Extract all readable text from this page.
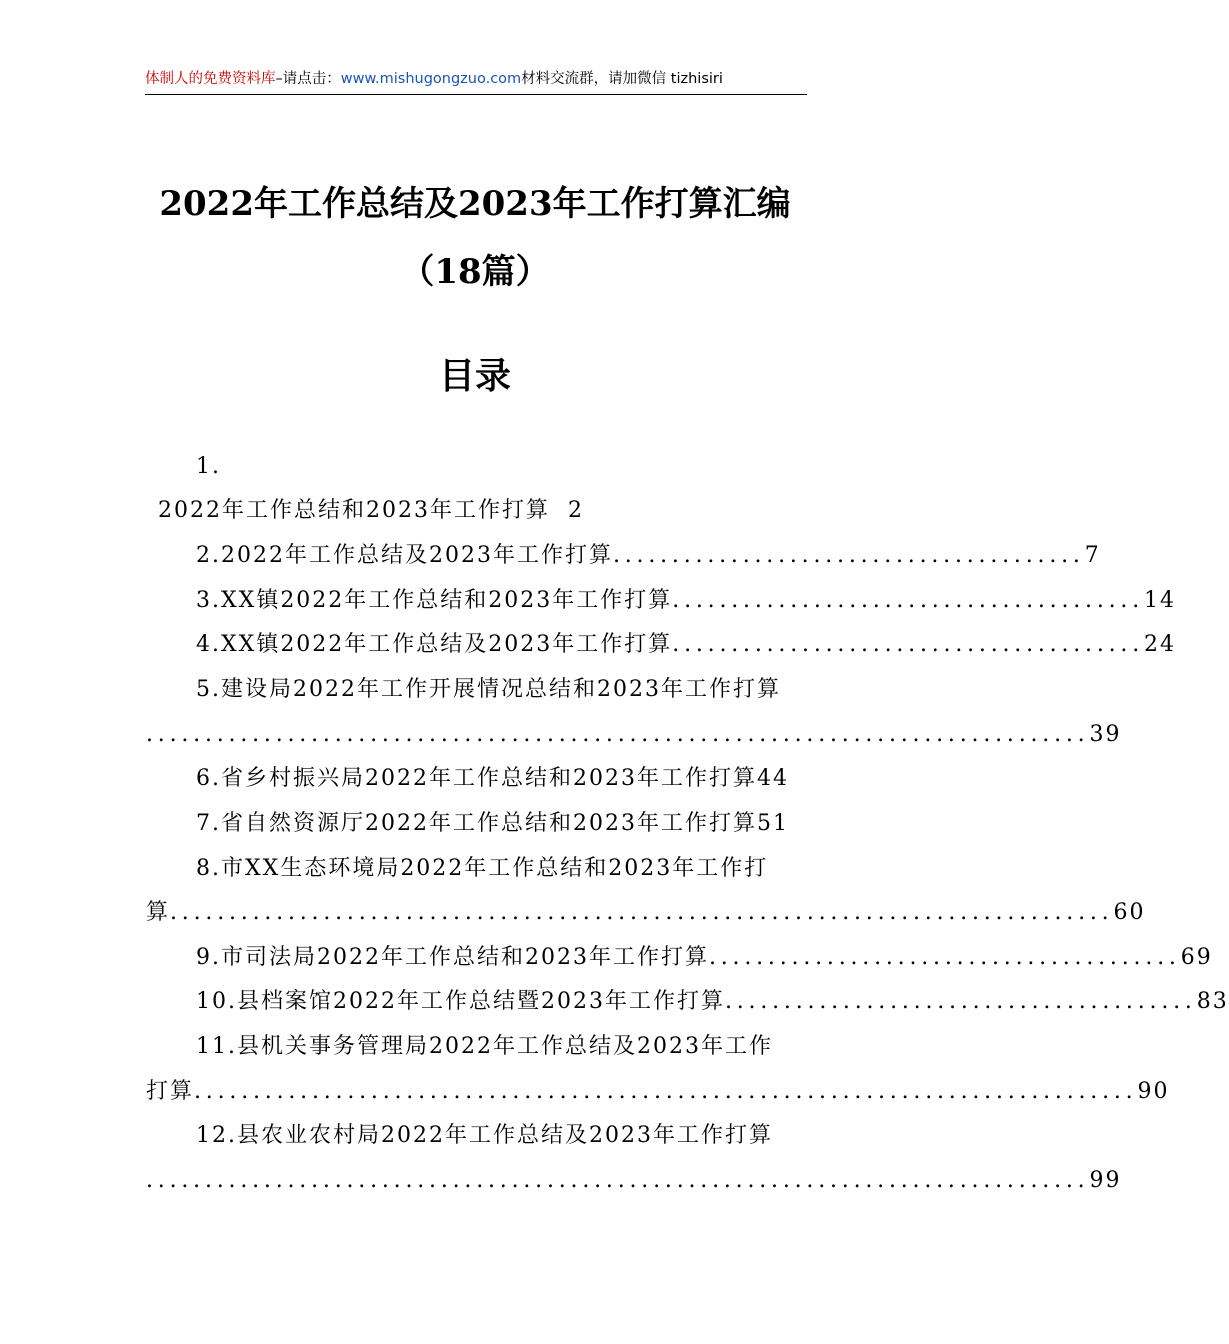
体制人的免费资料库–请点击：www.mishugongzuo.com材料交流群，请加微信 tizhisiri
2022年工作总结及2023年工作打算汇编
（18篇）
目录
1.
2022年工作总结和2023年工作打算 2
2.2022年工作总结及2023年工作打算 ........................................ 7
3.XX镇2022年工作总结和2023年工作打算 ........................................ 14
4.XX镇2022年工作总结及2023年工作打算 ........................................ 24
5.建设局2022年工作开展情况总结和2023年工作打算
................................................................................ 39
6.省乡村振兴局2022年工作总结和2023年工作打算44
7.省自然资源厅2022年工作总结和2023年工作打算51
8.市XX生态环境局2022年工作总结和2023年工作打
算 ................................................................................ 60
9.市司法局2022年工作总结和2023年工作打算 ........................................ 69
10.县档案馆2022年工作总结暨2023年工作打算 ........................................ 83
11.县机关事务管理局2022年工作总结及2023年工作
打算 ................................................................................ 90
12.县农业农村局2022年工作总结及2023年工作打算
................................................................................ 99
